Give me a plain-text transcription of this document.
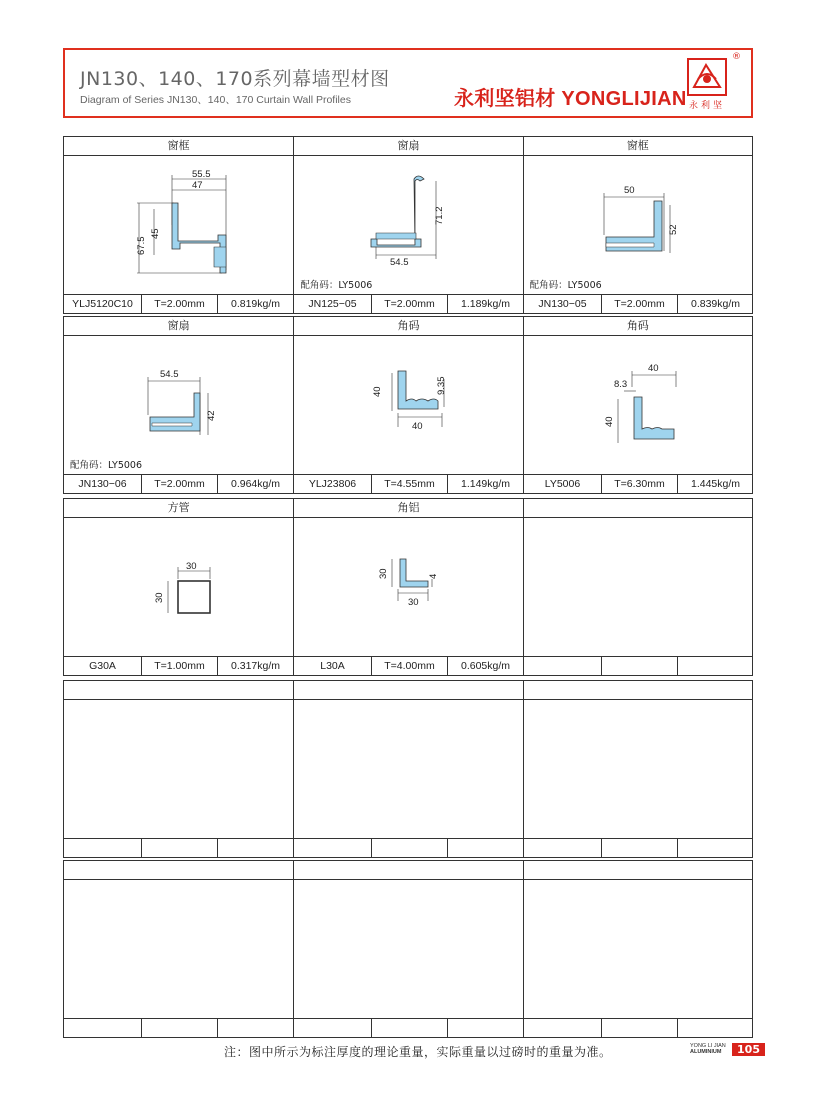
JN130、140、170系列幕墙型材图
Diagram of Series JN130、140、170 Curtain Wall Profiles	永利坚铝材 YONGLIJIAN 永利坚
®
窗框	窗扇	窗框
55.5
47
45
67.5
71.2
54.5
配角码：LY5006
50
52
配角码：LY5006
YLJ5120C10	T=2.00mm	0.819kg/m	JN125−05	T=2.00mm	1.189kg/m	JN130−05	T=2.00mm	0.839kg/m
窗扇	角码	角码
54.5
42
配角码：LY5006
40	9.35
40
40
8.3
40
JN130−06	T=2.00mm	0.964kg/m	YLJ23806	T=4.55mm	1.149kg/m	LY5006	T=6.30mm	1.445kg/m
方管	角铝
30
30
30	4
30
G30A	T=1.00mm	0.317kg/m	L30A	T=4.00mm	0.605kg/m
注：图中所示为标注厚度的理论重量，实际重量以过磅时的重量为准。	YONG LI JIAN
ALUMINIUM	105
